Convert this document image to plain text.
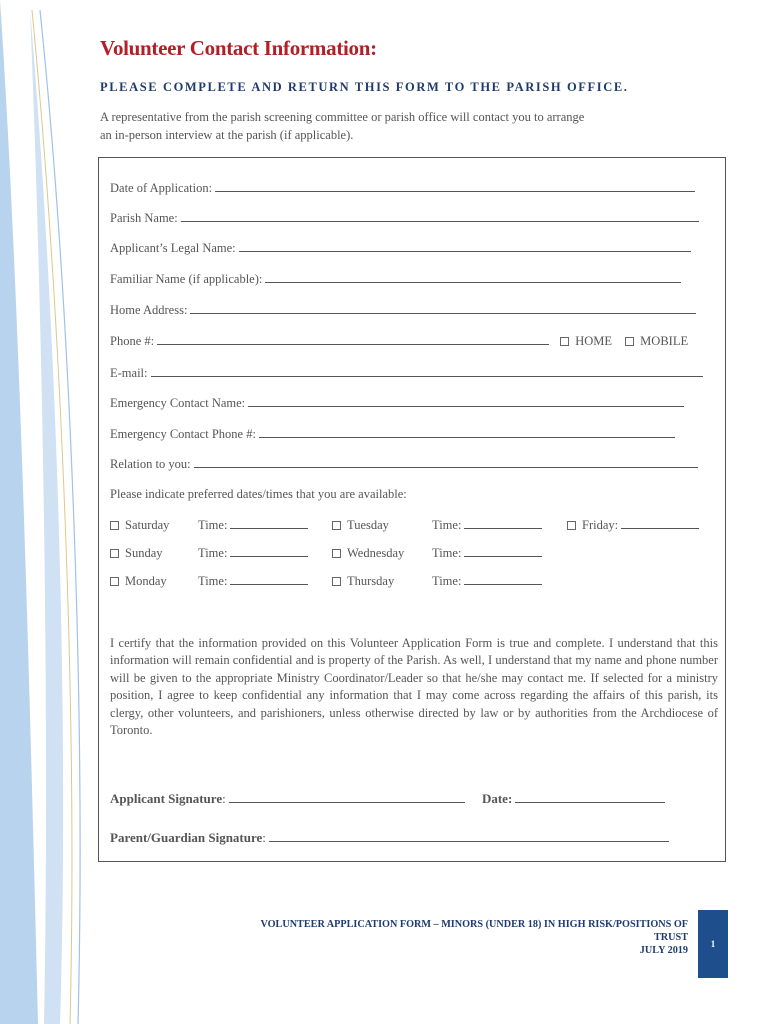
Volunteer Contact Information:
PLEASE COMPLETE AND RETURN THIS FORM TO THE PARISH OFFICE.
A representative from the parish screening committee or parish office will contact you to arrange
an in-person interview at the parish (if applicable).
Date of Application:
Parish Name:
Applicant’s Legal Name:
Familiar Name (if applicable):
Home Address:
Phone #:	HOME MOBILE
E-mail:
Emergency Contact Name:
Emergency Contact Phone #:
Relation to you:
Please indicate preferred dates/times that you are available:
Saturday Time:	Tuesday	Time:	Friday:
Sunday	Time:	Wednesday Time:
Monday	Time:	Thursday	Time:
I certify that the information provided on this Volunteer Application Form is true and complete. I understand that this information will remain confidential and is property of the Parish. As well, I understand that my name and phone number will be given to the appropriate Ministry Coordinator/Leader so that he/she may contact me. If selected for a ministry position, I agree to keep confidential any information that I may come across regarding the affairs of this parish, its clergy, other volunteers, and parishioners, unless otherwise directed by law or by authorities from the Archdiocese of Toronto.
Applicant Signature:	Date:
Parent/Guardian Signature:
VOLUNTEER APPLICATION FORM – MINORS (UNDER 18) IN HIGH RISK/POSITIONS OF
TRUST
JULY 2019
1
